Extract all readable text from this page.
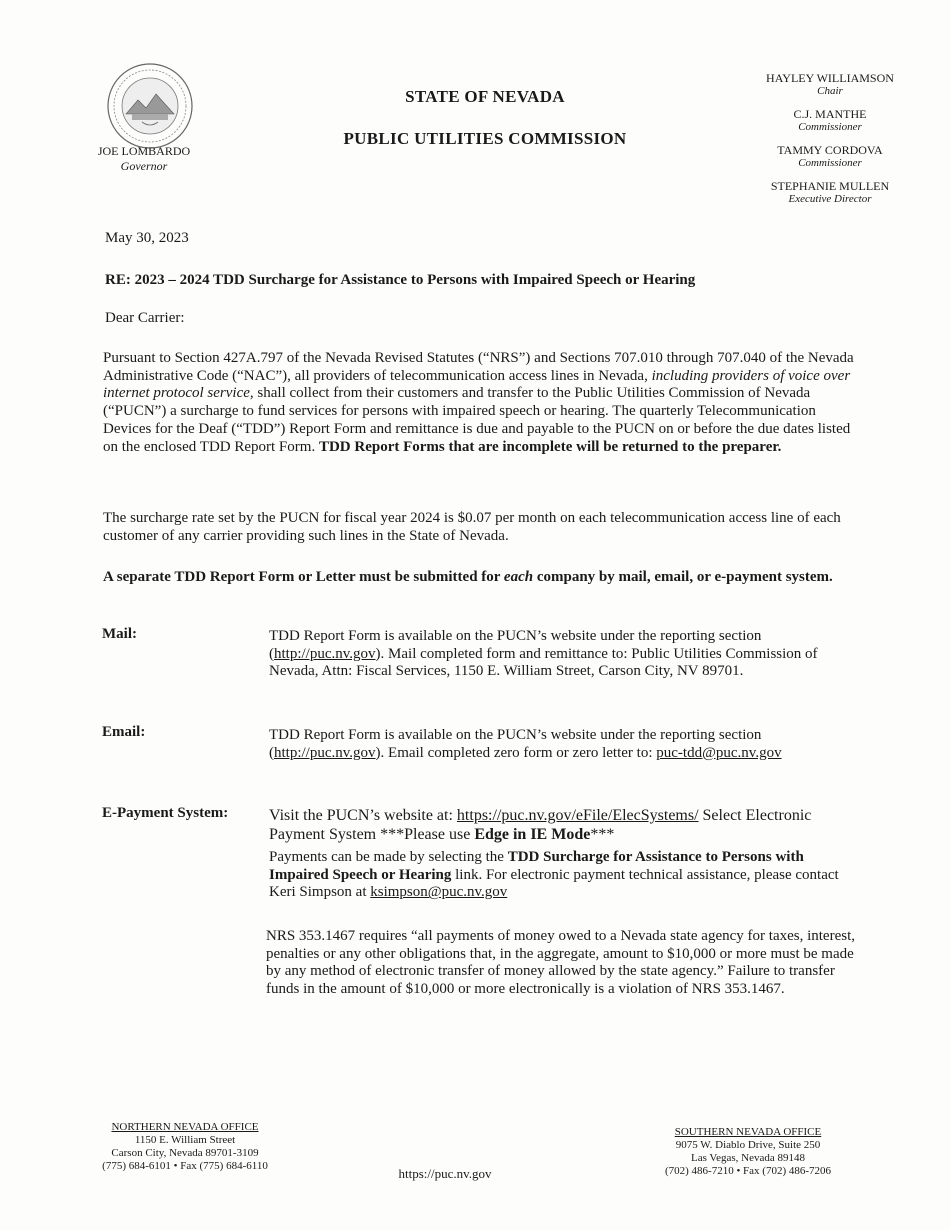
JOE LOMBARDO
Governor
STATE OF NEVADA
PUBLIC UTILITIES COMMISSION
HAYLEY WILLIAMSON
Chair
C.J. MANTHE
Commissioner
TAMMY CORDOVA
Commissioner
STEPHANIE MULLEN
Executive Director
May 30, 2023
RE: 2023 – 2024 TDD Surcharge for Assistance to Persons with Impaired Speech or Hearing
Dear Carrier:
Pursuant to Section 427A.797 of the Nevada Revised Statutes (“NRS”) and Sections 707.010 through 707.040 of the Nevada Administrative Code (“NAC”), all providers of telecommunication access lines in Nevada, including providers of voice over internet protocol service, shall collect from their customers and transfer to the Public Utilities Commission of Nevada (“PUCN”) a surcharge to fund services for persons with impaired speech or hearing. The quarterly Telecommunication Devices for the Deaf (“TDD”) Report Form and remittance is due and payable to the PUCN on or before the due dates listed on the enclosed TDD Report Form. TDD Report Forms that are incomplete will be returned to the preparer.
The surcharge rate set by the PUCN for fiscal year 2024 is $0.07 per month on each telecommunication access line of each customer of any carrier providing such lines in the State of Nevada.
A separate TDD Report Form or Letter must be submitted for each company by mail, email, or e-payment system.
Mail:	TDD Report Form is available on the PUCN’s website under the reporting section (http://puc.nv.gov). Mail completed form and remittance to: Public Utilities Commission of Nevada, Attn: Fiscal Services, 1150 E. William Street, Carson City, NV 89701.
Email:	TDD Report Form is available on the PUCN’s website under the reporting section (http://puc.nv.gov). Email completed zero form or zero letter to: puc-tdd@puc.nv.gov
E-Payment System:	Visit the PUCN’s website at: https://puc.nv.gov/eFile/ElecSystems/ Select Electronic Payment System ***Please use Edge in IE Mode***
Payments can be made by selecting the TDD Surcharge for Assistance to Persons with Impaired Speech or Hearing link. For electronic payment technical assistance, please contact Keri Simpson at ksimpson@puc.nv.gov
NRS 353.1467 requires “all payments of money owed to a Nevada state agency for taxes, interest, penalties or any other obligations that, in the aggregate, amount to $10,000 or more must be made by any method of electronic transfer of money allowed by the state agency.” Failure to transfer funds in the amount of $10,000 or more electronically is a violation of NRS 353.1467.
NORTHERN NEVADA OFFICE
1150 E. William Street
Carson City, Nevada 89701-3109
(775) 684-6101 • Fax (775) 684-6110	https://puc.nv.gov
SOUTHERN NEVADA OFFICE
9075 W. Diablo Drive, Suite 250
Las Vegas, Nevada 89148
(702) 486-7210 • Fax (702) 486-7206
